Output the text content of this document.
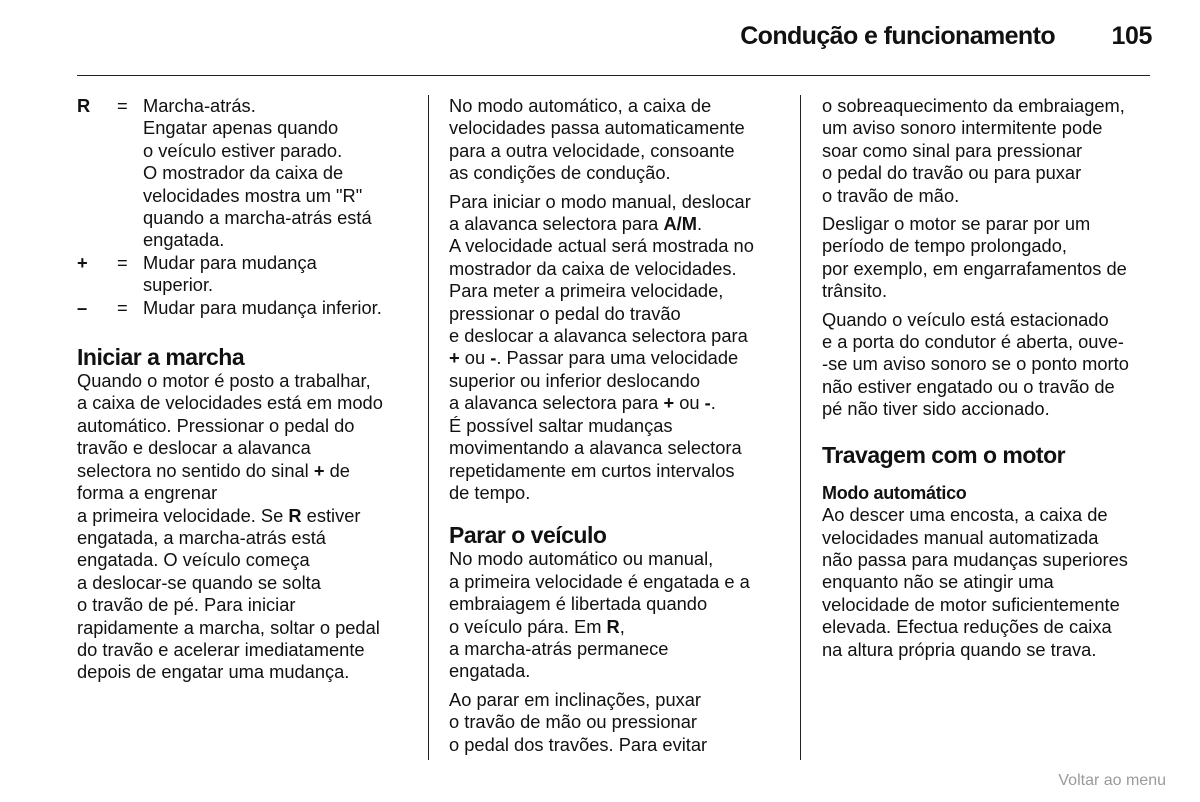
Condução e funcionamento	105
R = Marcha-atrás.
Engatar apenas quando
o veículo estiver parado.
O mostrador da caixa de
velocidades mostra um "R"
quando a marcha-atrás está
engatada.
+	= Mudar para mudança
superior.
–	= Mudar para mudança inferior.
Iniciar a marcha
Quando o motor é posto a trabalhar,
a caixa de velocidades está em modo
automático. Pressionar o pedal do
travão e deslocar a alavanca
selectora no sentido do sinal + de
forma a engrenar
a primeira velocidade. Se R estiver
engatada, a marcha-atrás está
engatada. O veículo começa
a deslocar-se quando se solta
o travão de pé. Para iniciar
rapidamente a marcha, soltar o pedal
do travão e acelerar imediatamente
depois de engatar uma mudança.
No modo automático, a caixa de
velocidades passa automaticamente
para a outra velocidade, consoante
as condições de condução.
Para iniciar o modo manual, deslocar
a alavanca selectora para A/M.
A velocidade actual será mostrada no
mostrador da caixa de velocidades.
Para meter a primeira velocidade,
pressionar o pedal do travão
e deslocar a alavanca selectora para
+ ou -. Passar para uma velocidade
superior ou inferior deslocando
a alavanca selectora para + ou -.
É possível saltar mudanças
movimentando a alavanca selectora
repetidamente em curtos intervalos
de tempo.
Parar o veículo
No modo automático ou manual,
a primeira velocidade é engatada e a
embraiagem é libertada quando
o veículo pára. Em R,
a marcha-atrás permanece
engatada.
Ao parar em inclinações, puxar
o travão de mão ou pressionar
o pedal dos travões. Para evitar
o sobreaquecimento da embraiagem,
um aviso sonoro intermitente pode
soar como sinal para pressionar
o pedal do travão ou para puxar
o travão de mão.
Desligar o motor se parar por um
período de tempo prolongado,
por exemplo, em engarrafamentos de
trânsito.
Quando o veículo está estacionado
e a porta do condutor é aberta, ouve-
-se um aviso sonoro se o ponto morto
não estiver engatado ou o travão de
pé não tiver sido accionado.
Travagem com o motor
Modo automático
Ao descer uma encosta, a caixa de
velocidades manual automatizada
não passa para mudanças superiores
enquanto não se atingir uma
velocidade de motor suficientemente
elevada. Efectua reduções de caixa
na altura própria quando se trava.
Voltar ao menu
